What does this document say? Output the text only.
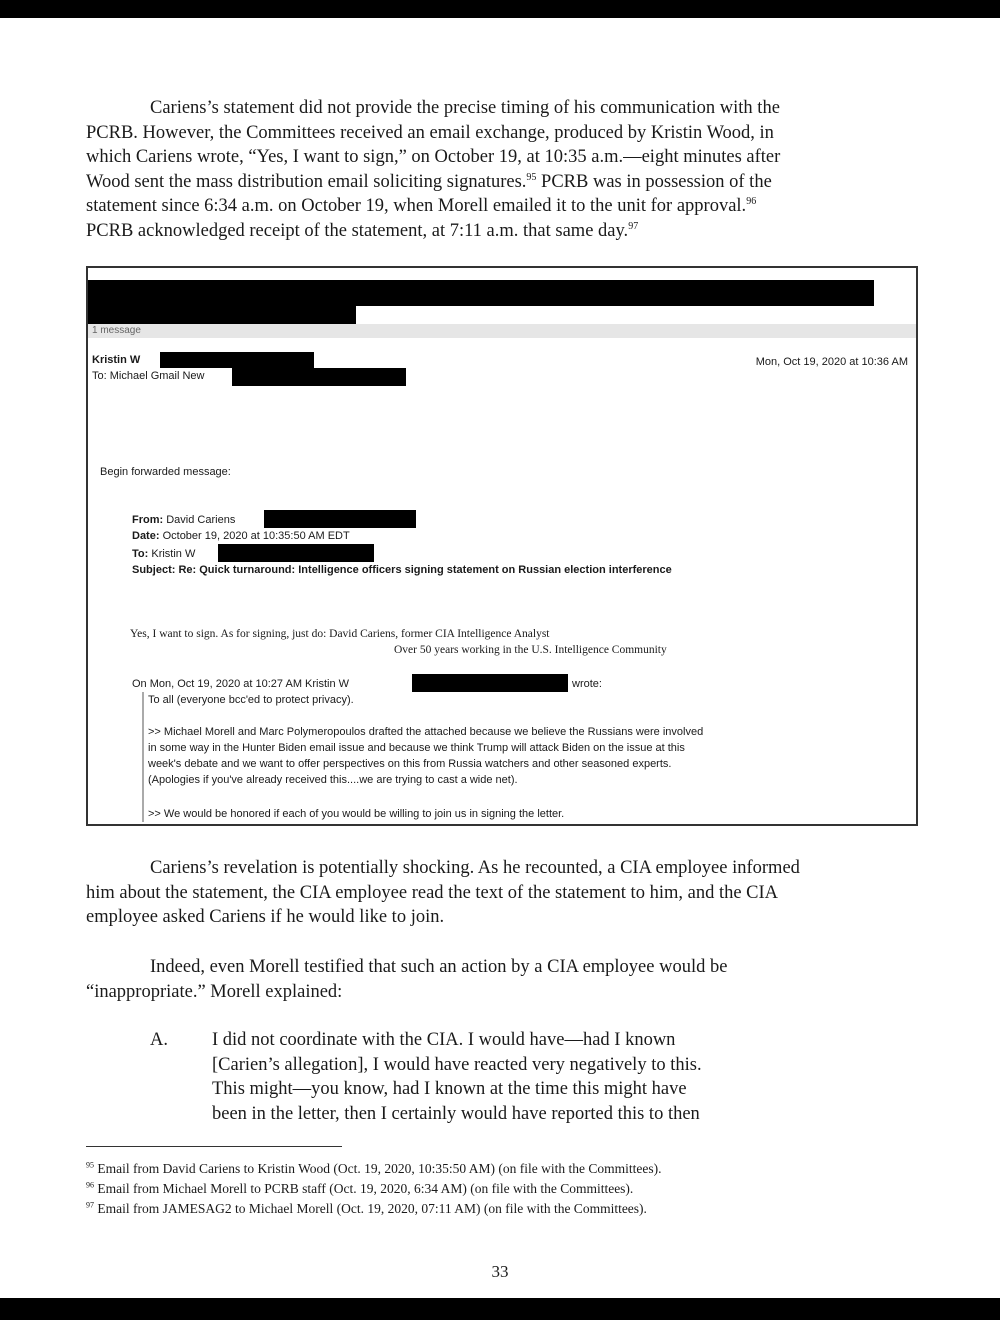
Cariens’s statement did not provide the precise timing of his communication with the
PCRB. However, the Committees received an email exchange, produced by Kristin Wood, in
which Cariens wrote, “Yes, I want to sign,” on October 19, at 10:35 a.m.—eight minutes after
Wood sent the mass distribution email soliciting signatures.$^{95}$ PCRB was in possession of the
statement since 6:34 a.m. on October 19, when Morell emailed it to the unit for approval.$^{96}$
PCRB acknowledged receipt of the statement, at 7:11 a.m. that same day.$^{97}$
1 message
Kristin W	Mon, Oct 19, 2020 at 10:36 AM
To: Michael Gmail New
Begin forwarded message:
From: David Cariens
Date: October 19, 2020 at 10:35:50 AM EDT
To: Kristin W
Subject: Re: Quick turnaround: Intelligence officers signing statement on Russian election interference
Yes, I want to sign. As for signing, just do: David Cariens, former CIA Intelligence Analyst
Over 50 years working in the U.S. Intelligence Community
On Mon, Oct 19, 2020 at 10:27 AM Kristin W	wrote:
To all (everyone bcc'ed to protect privacy).
>> Michael Morell and Marc Polymeropoulos drafted the attached because we believe the Russians were involved
in some way in the Hunter Biden email issue and because we think Trump will attack Biden on the issue at this
week's debate and we want to offer perspectives on this from Russia watchers and other seasoned experts.
(Apologies if you've already received this....we are trying to cast a wide net).
>> We would be honored if each of you would be willing to join us in signing the letter.
Cariens’s revelation is potentially shocking. As he recounted, a CIA employee informed
him about the statement, the CIA employee read the text of the statement to him, and the CIA
employee asked Cariens if he would like to join.
Indeed, even Morell testified that such an action by a CIA employee would be
“inappropriate.” Morell explained:
A. I did not coordinate with the CIA. I would have—had I known
[Carien’s allegation], I would have reacted very negatively to this.
This might—you know, had I known at the time this might have
been in the letter, then I certainly would have reported this to then
$^{95}$ Email from David Cariens to Kristin Wood (Oct. 19, 2020, 10:35:50 AM) (on file with the Committees).
$^{96}$ Email from Michael Morell to PCRB staff (Oct. 19, 2020, 6:34 AM) (on file with the Committees).
$^{97}$ Email from JAMESAG2 to Michael Morell (Oct. 19, 2020, 07:11 AM) (on file with the Committees).
33
